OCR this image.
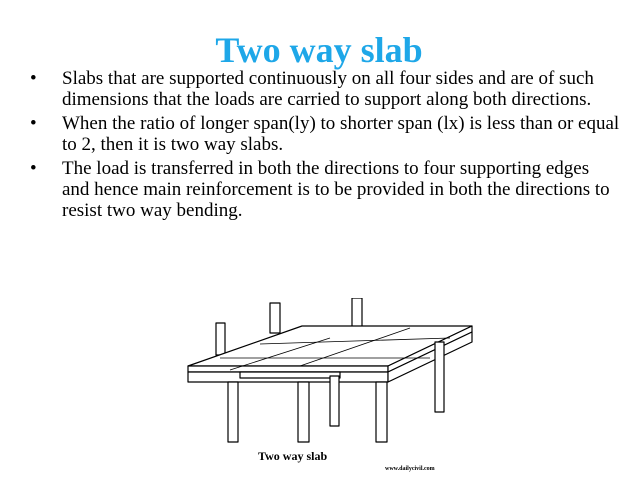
Two way slab
•	Slabs that are supported continuously on all four sides and are of such dimensions that the loads are carried to support along both directions.
•	When the ratio of longer span(ly) to shorter span (lx) is less than or equal to 2, then it is two way slabs.
•	The load is transferred in both the directions to four supporting edges and hence main reinforcement is to be provided in both the directions to resist two way bending.
Two way slab
www.dailycivil.com
